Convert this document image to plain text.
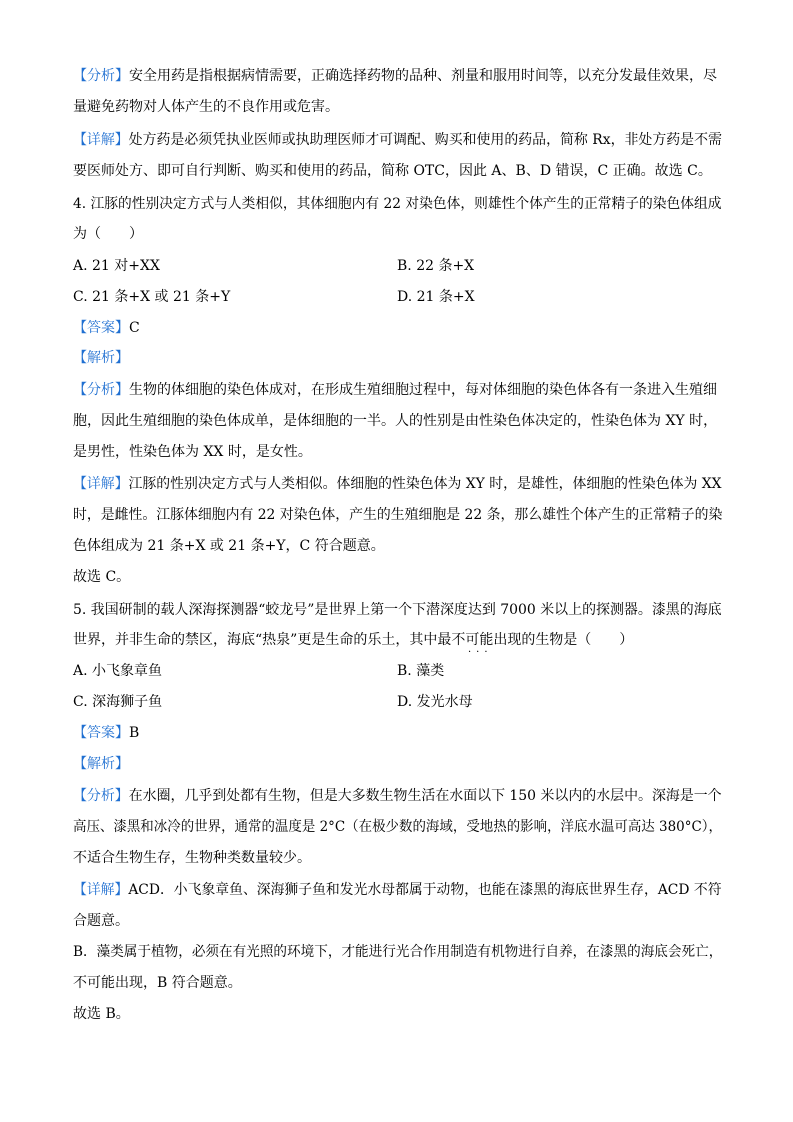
【分析】安全用药是指根据病情需要，正确选择药物的品种、剂量和服用时间等，以充分发最佳效果，尽
量避免药物对人体产生的不良作用或危害。
【详解】处方药是必须凭执业医师或执助理医师才可调配、购买和使用的药品，简称 Rx，非处方药是不需
要医师处方、即可自行判断、购买和使用的药品，简称 OTC，因此 A、B、D 错误，C 正确。故选 C。
4. 江豚的性别决定方式与人类相似，其体细胞内有 22 对染色体，则雄性个体产生的正常精子的染色体组成
为（　　）
A. 21 对+XX	B. 22 条+X
C. 21 条+X 或 21 条+Y	D. 21 条+X
【答案】C
【解析】
【分析】生物的体细胞的染色体成对，在形成生殖细胞过程中，每对体细胞的染色体各有一条进入生殖细
胞，因此生殖细胞的染色体成单，是体细胞的一半。人的性别是由性染色体决定的，性染色体为 XY 时，
是男性，性染色体为 XX 时，是女性。
【详解】江豚的性别决定方式与人类相似。体细胞的性染色体为 XY 时，是雄性，体细胞的性染色体为 XX
时，是雌性。江豚体细胞内有 22 对染色体，产生的生殖细胞是 22 条，那么雄性个体产生的正常精子的染
色体组成为 21 条+X 或 21 条+Y，C 符合题意。
故选 C。
5. 我国研制的载人深海探测器“蛟龙号”是世界上第一个下潜深度达到 7000 米以上的探测器。漆黑的海底
世界，并非生命的禁区，海底“热泉”更是生命的乐土，其中最不可能出现的生物是（　　）
···
A. 小飞象章鱼	B. 藻类
C. 深海狮子鱼	D. 发光水母
【答案】B
【解析】
【分析】在水圈，几乎到处都有生物，但是大多数生物生活在水面以下 150 米以内的水层中。深海是一个
高压、漆黑和冰冷的世界，通常的温度是 2°C（在极少数的海域，受地热的影响，洋底水温可高达 380°C），
不适合生物生存，生物种类数量较少。
【详解】ACD．小飞象章鱼、深海狮子鱼和发光水母都属于动物，也能在漆黑的海底世界生存，ACD 不符
合题意。
B．藻类属于植物，必须在有光照的环境下，才能进行光合作用制造有机物进行自养，在漆黑的海底会死亡，
不可能出现，B 符合题意。
故选 B。
